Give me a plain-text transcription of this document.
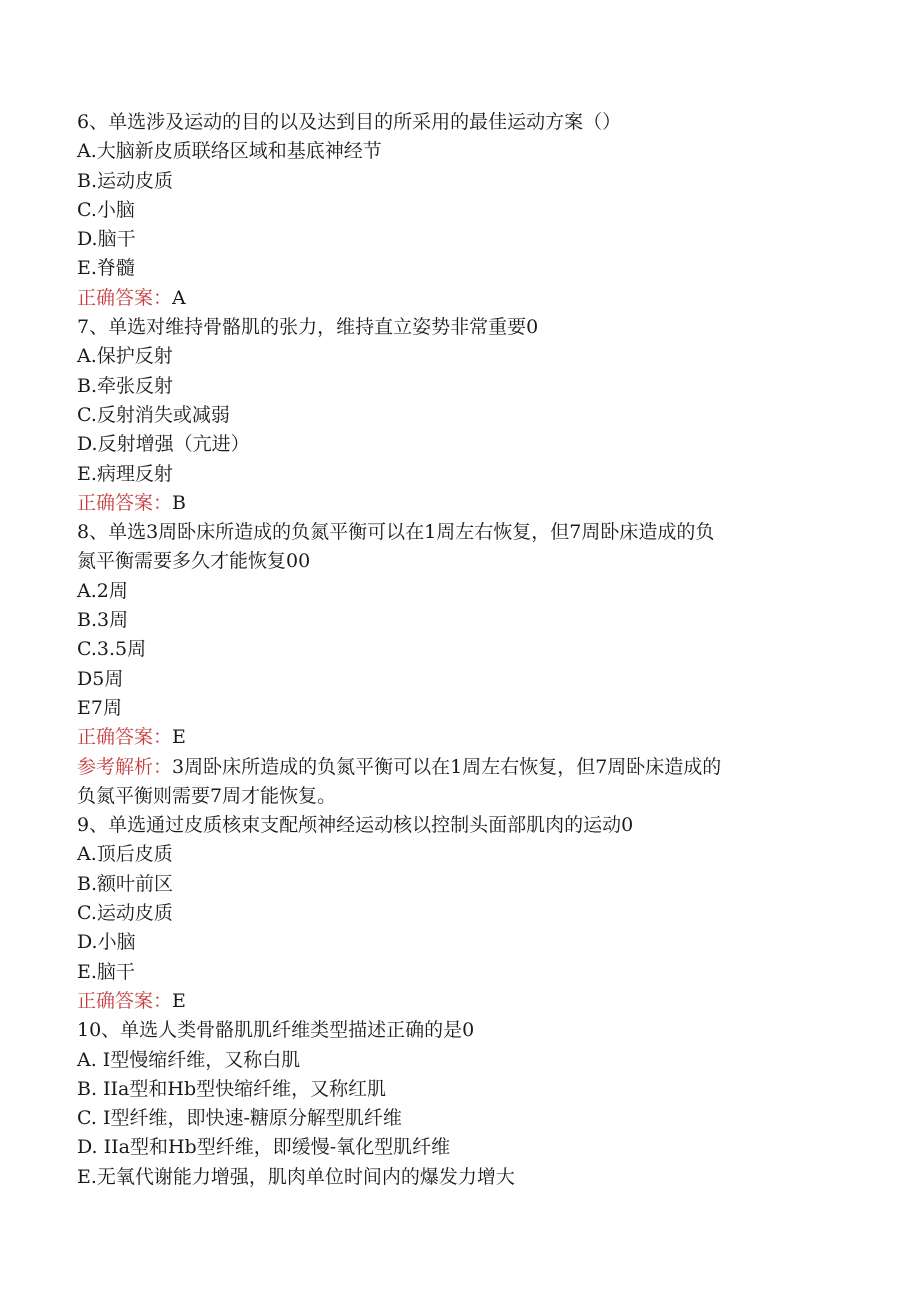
6、单选涉及运动的目的以及达到目的所采用的最佳运动方案（）

A.大脑新皮质联络区域和基底神经节

B.运动皮质

C.小脑

D.脑干

E.脊髓

正确答案：A

7、单选对维持骨骼肌的张力，维持直立姿势非常重要0

A.保护反射

B.牵张反射

C.反射消失或减弱

D.反射增强（亢进）

E.病理反射

正确答案：B

8、单选3周卧床所造成的负氮平衡可以在1周左右恢复，但7周卧床造成的负

氮平衡需要多久才能恢复00

A.2周

B.3周

C.3.5周

D5周

E7周

正确答案：E

参考解析：3周卧床所造成的负氮平衡可以在1周左右恢复，但7周卧床造成的

负氮平衡则需要7周才能恢复。

9、单选通过皮质核束支配颅神经运动核以控制头面部肌肉的运动0

A.顶后皮质

B.额叶前区

C.运动皮质

D.小脑

E.脑干

正确答案：E

10、单选人类骨骼肌肌纤维类型描述正确的是0

A. I型慢缩纤维，又称白肌

B. IIa型和Hb型快缩纤维，又称红肌

C. I型纤维，即快速-糖原分解型肌纤维

D. IIa型和Hb型纤维，即缓慢-氧化型肌纤维

E.无氧代谢能力增强，肌肉单位时间内的爆发力增大
